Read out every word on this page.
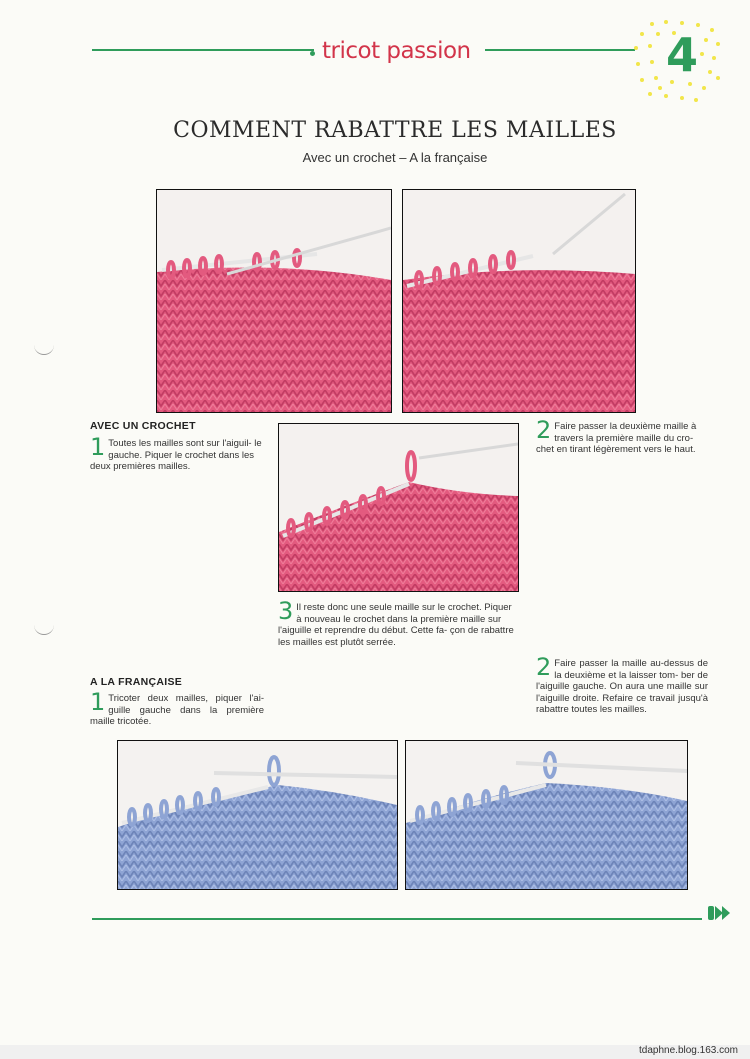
tricot passion	4
COMMENT RABATTRE LES MAILLES
Avec un crochet – A la française
AVEC UN CROCHET
1 Toutes les mailles sont sur l'aiguil- le gauche. Piquer le crochet dans les deux premières mailles.
2 Faire passer la deuxième maille à travers la première maille du cro- chet en tirant légèrement vers le haut.
3 Il reste donc une seule maille sur le crochet. Piquer à nouveau le crochet dans la première maille sur l'aiguille et reprendre du début. Cette fa- çon de rabattre les mailles est plutôt serrée.
A LA FRANÇAISE
1 Tricoter deux mailles, piquer l'ai- guille gauche dans la première maille tricotée.
2 Faire passer la maille au-dessus de la deuxième et la laisser tom- ber de l'aiguille gauche. On aura une maille sur l'aiguille droite. Refaire ce travail jusqu'à rabattre toutes les mailles.
tdaphne.blog.163.com
